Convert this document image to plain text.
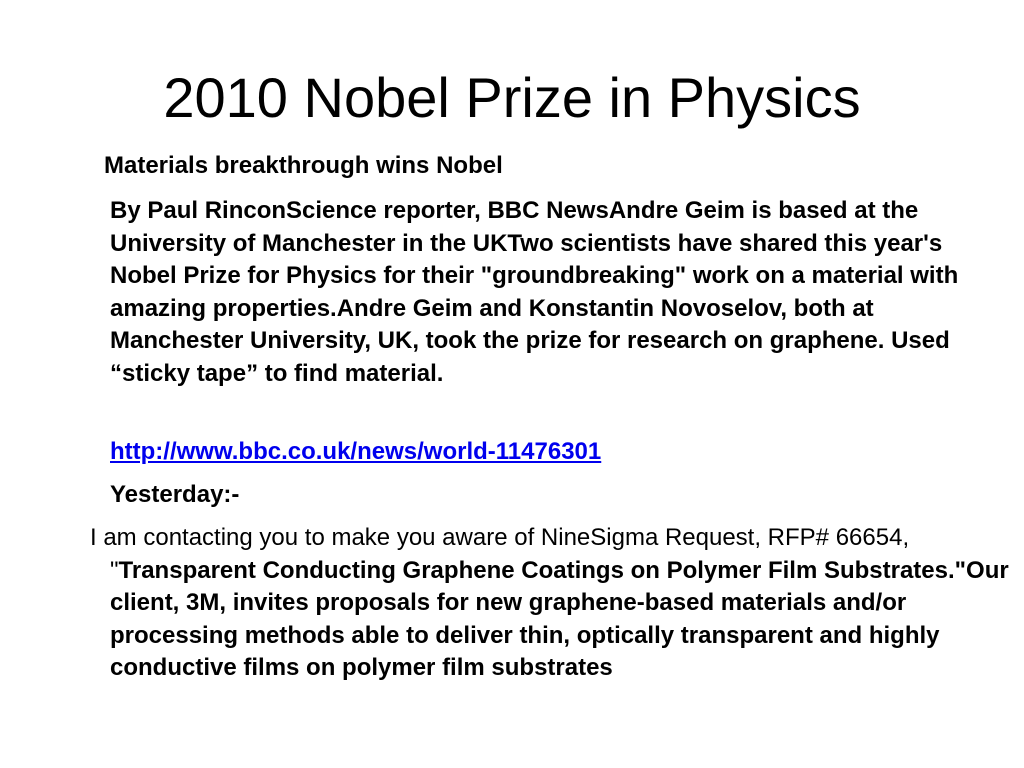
2010 Nobel Prize in Physics

Materials breakthrough wins Nobel

By Paul RinconScience reporter, BBC NewsAndre Geim is based at the University of Manchester in the UKTwo scientists have shared this year's Nobel Prize for Physics for their "groundbreaking" work on a material with amazing properties.Andre Geim and Konstantin Novoselov, both at Manchester University, UK, took the prize for research on graphene. Used “sticky tape” to find material.

http://www.bbc.co.uk/news/world-11476301

Yesterday:-

I am contacting you to make you aware of NineSigma Request, RFP# 66654, "Transparent Conducting Graphene Coatings on Polymer Film Substrates."Our client, 3M, invites proposals for new graphene-based materials and/or processing methods able to deliver thin, optically transparent and highly conductive films on polymer film substrates
